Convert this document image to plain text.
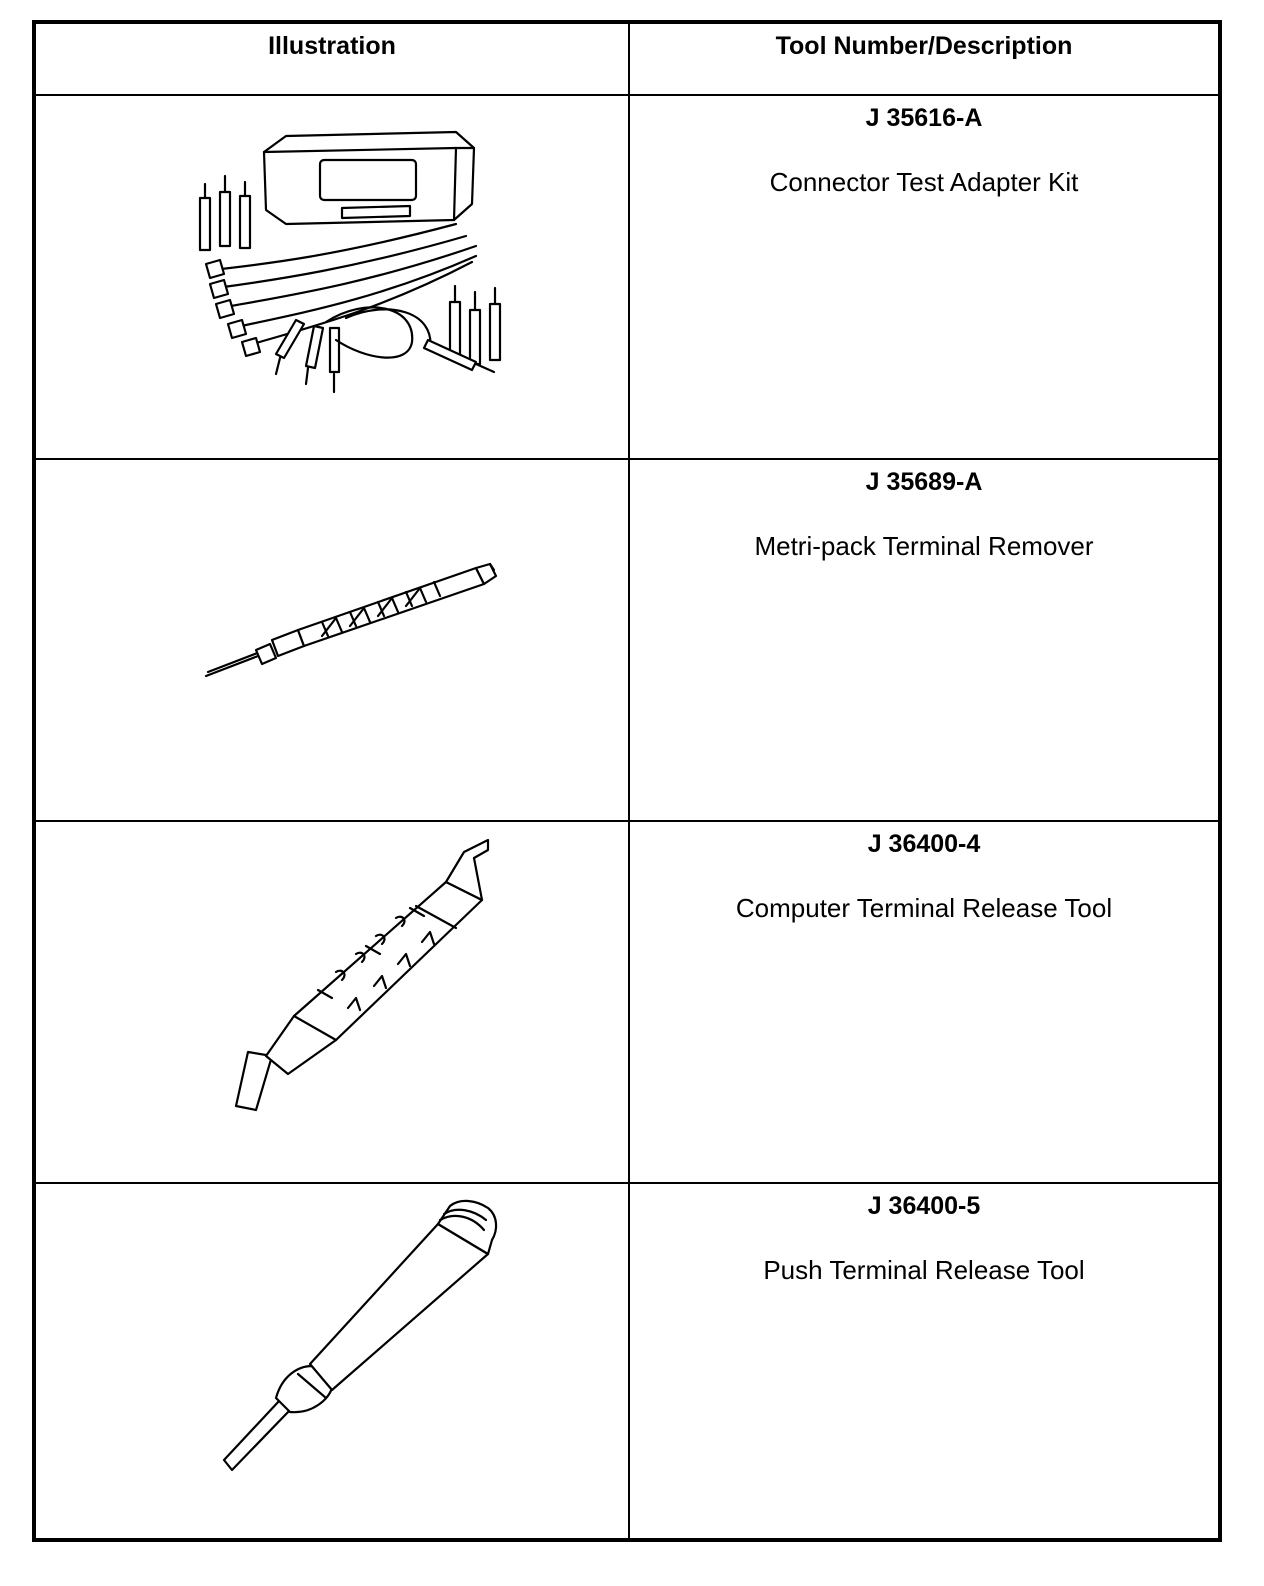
Illustration	Tool Number/Description
J 35616-A
Connector Test Adapter Kit
J 35689-A
Metri-pack Terminal Remover
J 36400-4
Computer Terminal Release Tool
J 36400-5
Push Terminal Release Tool
